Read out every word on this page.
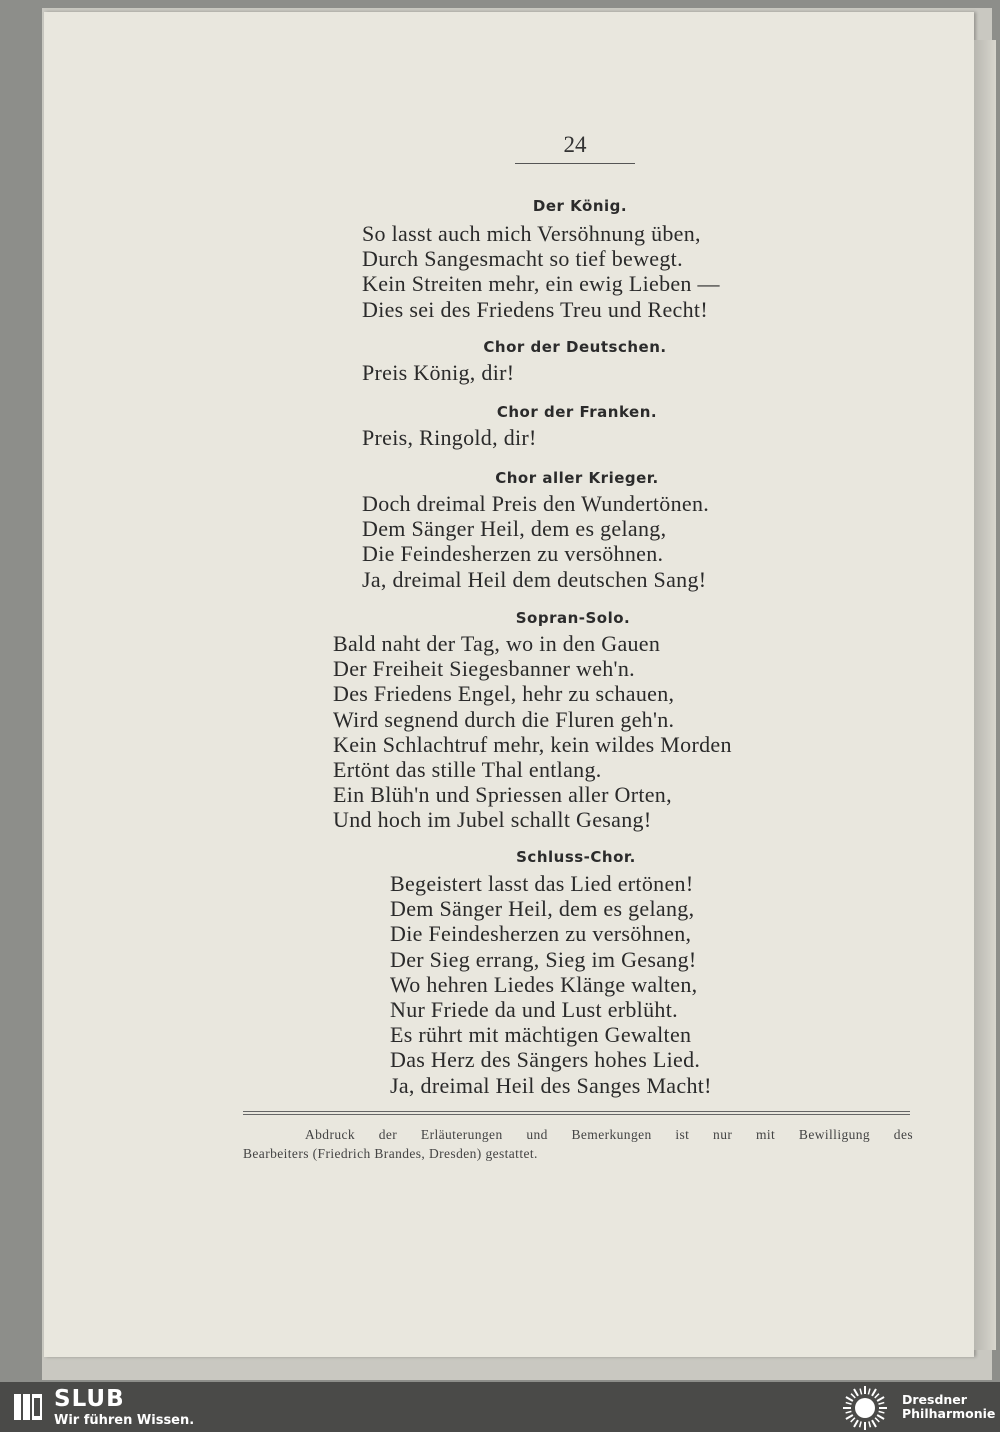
24
Der König.
So lasst auch mich Versöhnung üben,
Durch Sangesmacht so tief bewegt.
Kein Streiten mehr, ein ewig Lieben —
Dies sei des Friedens Treu und Recht!
Chor der Deutschen.
Preis König, dir!
Chor der Franken.
Preis, Ringold, dir!
Chor aller Krieger.
Doch dreimal Preis den Wundertönen.
Dem Sänger Heil, dem es gelang,
Die Feindesherzen zu versöhnen.
Ja, dreimal Heil dem deutschen Sang!
Sopran-Solo.
Bald naht der Tag, wo in den Gauen
Der Freiheit Siegesbanner weh'n.
Des Friedens Engel, hehr zu schauen,
Wird segnend durch die Fluren geh'n.
Kein Schlachtruf mehr, kein wildes Morden
Ertönt das stille Thal entlang.
Ein Blüh'n und Spriessen aller Orten,
Und hoch im Jubel schallt Gesang!
Schluss-Chor.
Begeistert lasst das Lied ertönen!
Dem Sänger Heil, dem es gelang,
Die Feindesherzen zu versöhnen,
Der Sieg errang, Sieg im Gesang!
Wo hehren Liedes Klänge walten,
Nur Friede da und Lust erblüht.
Es rührt mit mächtigen Gewalten
Das Herz des Sängers hohes Lied.
Ja, dreimal Heil des Sanges Macht!
Abdruck der Erläuterungen und Bemerkungen ist nur mit Bewilligung des
Bearbeiters (Friedrich Brandes, Dresden) gestattet.
SLUB
Wir führen Wissen.
Dresdner
Philharmonie
